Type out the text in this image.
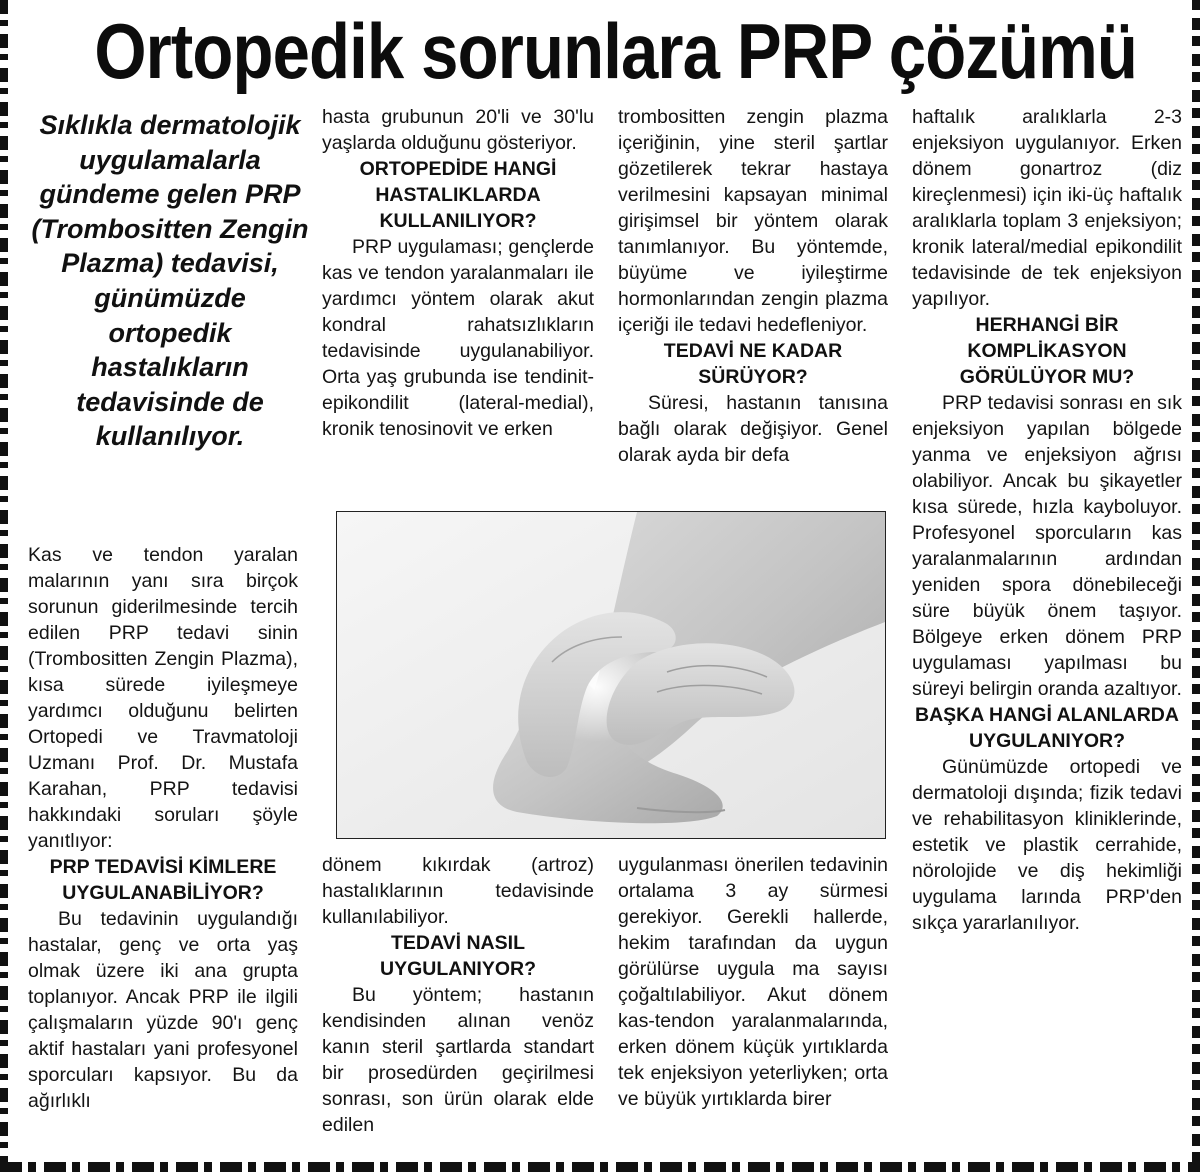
Ortopedik sorunlara PRP çözümü

Sıklıkla dermatolojik uygulamalarla gündeme gelen PRP (Trombositten Zengin Plazma) tedavisi, günümüzde ortopedik hastalıkların tedavisinde de kullanılıyor.

Kas ve tendon yaralan malarının yanı sıra birçok sorunun giderilmesinde tercih edilen PRP tedavi sinin (Trombositten Zengin Plazma), kısa sürede iyileşmeye yardımcı olduğunu belirten Ortopedi ve Travmatoloji Uzmanı Prof. Dr. Mustafa Karahan, PRP tedavisi hakkındaki soruları şöyle yanıtlıyor:

PRP TEDAVİSİ KİMLERE UYGULANABİLİYOR?

Bu tedavinin uygulandığı hastalar, genç ve orta yaş olmak üzere iki ana grupta toplanıyor. Ancak PRP ile ilgili çalışmaların yüzde 90'ı genç aktif hastaları yani profesyonel sporcuları kapsıyor. Bu da ağırlıklı

hasta grubunun 20'li ve 30'lu yaşlarda olduğunu gösteriyor.

ORTOPEDİDE HANGİ HASTALIKLARDA KULLANILIYOR?

PRP uygulaması; gençlerde kas ve tendon yaralanmaları ile yardımcı yöntem olarak akut kondral rahatsızlıkların tedavisinde uygulanabiliyor. Orta yaş grubunda ise tendinit-epikondilit (lateral-medial), kronik tenosinovit ve erken

trombositten zengin plazma içeriğinin, yine steril şartlar gözetilerek tekrar hastaya verilmesini kapsayan minimal girişimsel bir yöntem olarak tanımlanıyor. Bu yöntemde, büyüme ve iyileştirme hormonlarından zengin plazma içeriği ile tedavi hedefleniyor.

TEDAVİ NE KADAR SÜRÜYOR?

Süresi, hastanın tanısına bağlı olarak değişiyor. Genel olarak ayda bir defa

dönem kıkırdak (artroz) hastalıklarının tedavisinde kullanılabiliyor.

TEDAVİ NASIL UYGULANIYOR?

Bu yöntem; hastanın kendisinden alınan venöz kanın steril şartlarda standart bir prosedürden geçirilmesi sonrası, son ürün olarak elde edilen

uygulanması önerilen tedavinin ortalama 3 ay sürmesi gerekiyor. Gerekli hallerde, hekim tarafından da uygun görülürse uygula ma sayısı çoğaltılabiliyor. Akut dönem kas-tendon yaralanmalarında, erken dönem küçük yırtıklarda tek enjeksiyon yeterliyken; orta ve büyük yırtıklarda birer

haftalık aralıklarla 2-3 enjeksiyon uygulanıyor. Erken dönem gonartroz (diz kireçlenmesi) için iki-üç haftalık aralıklarla toplam 3 enjeksiyon; kronik lateral/medial epikondilit tedavisinde de tek enjeksiyon yapılıyor.

HERHANGİ BİR KOMPLİKASYON GÖRÜLÜYOR MU?

PRP tedavisi sonrası en sık enjeksiyon yapılan bölgede yanma ve enjeksiyon ağrısı olabiliyor. Ancak bu şikayetler kısa sürede, hızla kayboluyor. Profesyonel sporcuların kas yaralanmalarının ardından yeniden spora dönebileceği süre büyük önem taşıyor. Bölgeye erken dönem PRP uygulaması yapılması bu süreyi belirgin oranda azaltıyor.

BAŞKA HANGİ ALANLARDA UYGULANIYOR?

Günümüzde ortopedi ve dermatoloji dışında; fizik tedavi ve rehabilitasyon kliniklerinde, estetik ve plastik cerrahide, nörolojide ve diş hekimliği uygulama larında PRP'den sıkça yararlanılıyor.
